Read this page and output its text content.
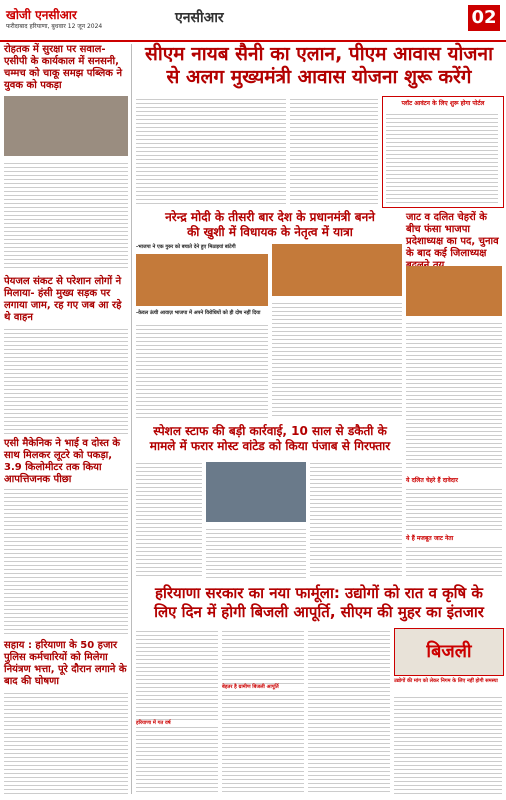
खोजी एनसीआर
फरीदाबाद हरियाणा, बुधवार 12 जून 2024
एनसीआर	02
रोहतक में सुरक्षा पर सवाल-एसीपी के कार्यकाल में सनसनी, चम्मच को चाकू समझ पब्लिक ने युवक को पकड़ा
पेयजल संकट से परेशान लोगों ने मिलाया- हंसी मुख्य सड़क पर लगाया जाम, रह गए जब आ रहे थे वाहन
एसी मैकेनिक ने भाई व दोस्त के साथ मिलकर लूटरे को पकड़ा, 3.9 किलोमीटर तक किया आपत्तिजनक पीछा
सहाय : हरियाणा के 50 हजार पुलिस कर्मचारियों को मिलेगा नियंत्रण भत्ता, पूरे दौरान लगाने के बाद की घोषणा
सीएम नायब सैनी का एलान, पीएम आवास योजना
से अलग मुख्यमंत्री आवास योजना शुरू करेंगे
प्लॉट आवंटन के लिए शुरू होगा पोर्टल
नरेन्द्र मोदी के तीसरी बार देश के प्रधानमंत्री बनने
की खुशी में विधायक के नेतृत्व में यात्रा
-भाजपा ने एक गुरुर को बचाते देने हुए मिठाइयां बांटेगी
-केवल ऊंची आवाज़ भाजपा में अपने विरोधियों को ही दोष नहीं दिया
जाट व दलित चेहरों के बीच फंसा भाजपा प्रदेशाध्यक्ष का पद, चुनाव के बाद कई जिलाध्यक्ष
स्पेशल स्टाफ की बड़ी कार्रवाई, 10 साल से डकैती के
मामले में फरार मोस्ट वांटेड को किया पंजाब से गिरफ्तार
ये दलित चेहरे हैं दावेदार
ये हैं मजबूत जाट नेता
हरियाणा सरकार का नया फार्मूला: उद्योगों को रात व कृषि के
लिए दिन में होगी बिजली आपूर्ति, सीएम की मुहर का इंतजार
बिजली
उद्योगों की मांग को लेकर निगम के लिए नहीं होगी समस्या
बेहतर है ग्रामीण बिजली आपूर्ति
हरियाणा में गत वर्ष
